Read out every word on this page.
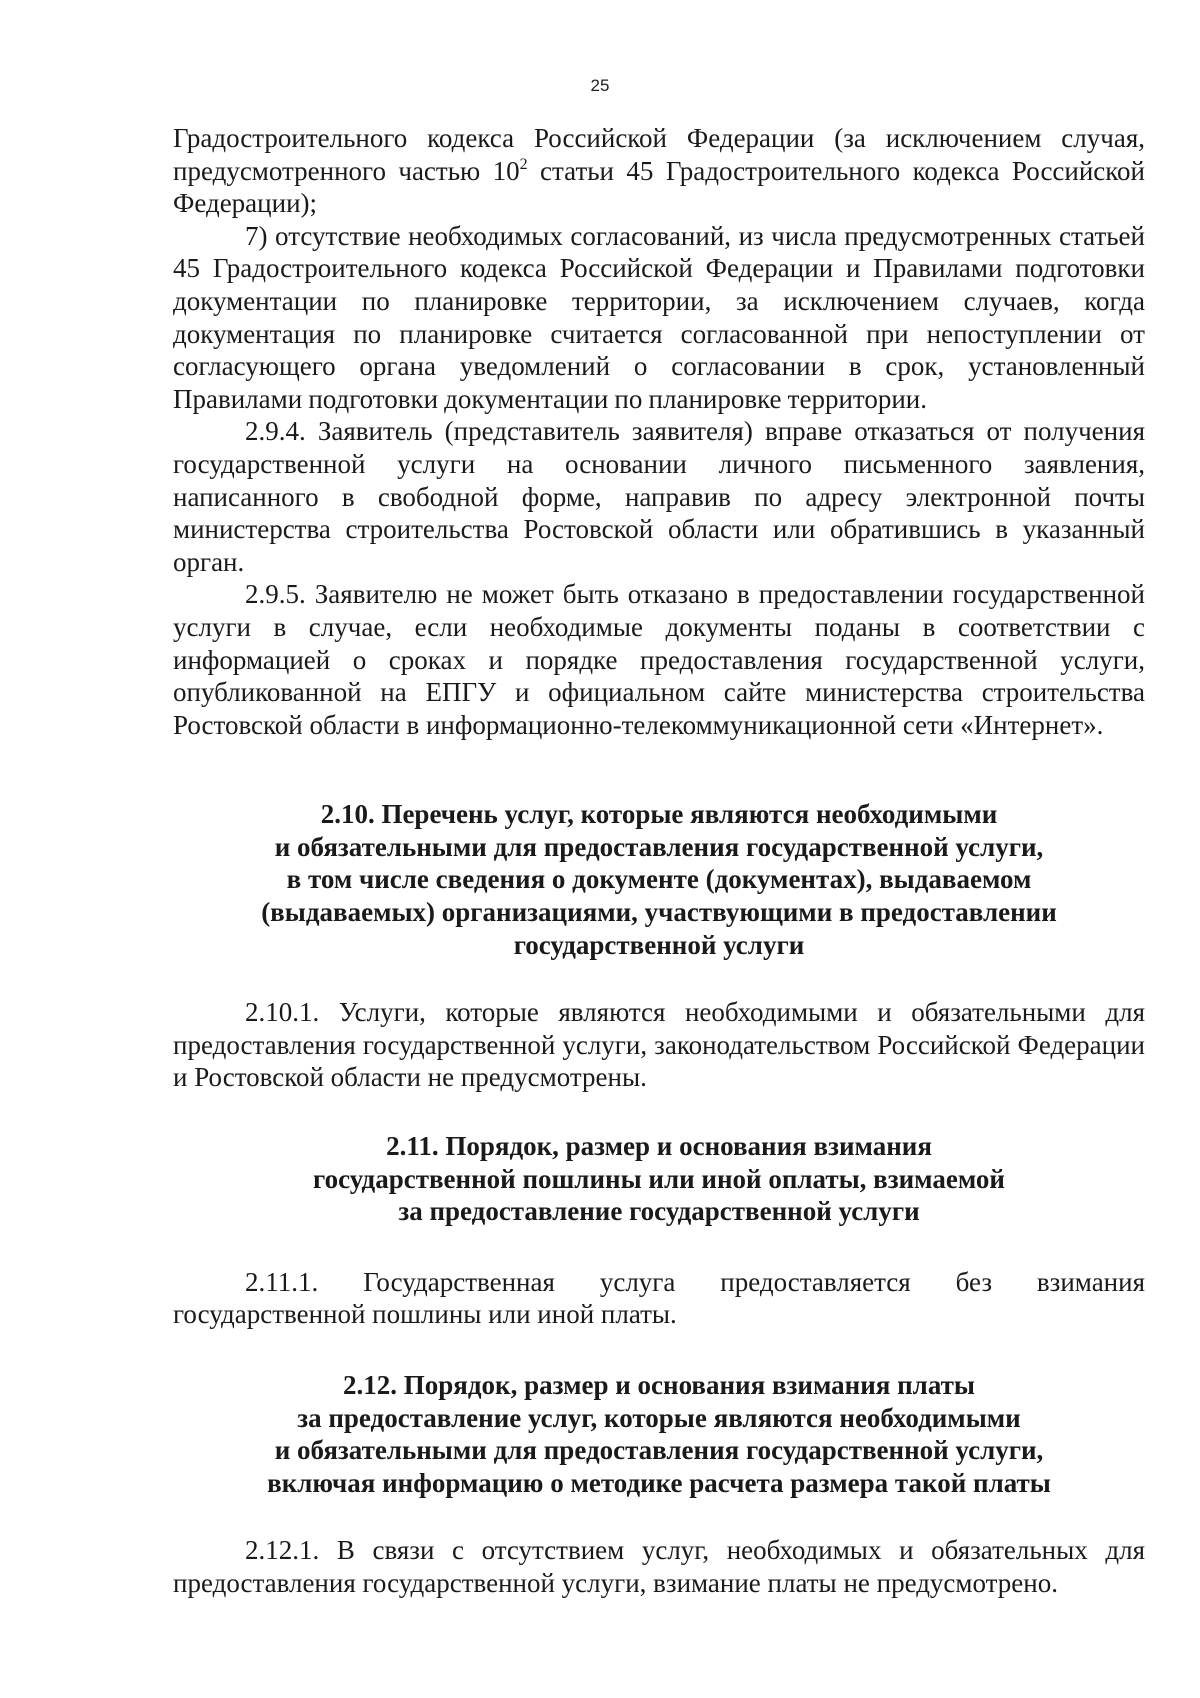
25

Градостроительного кодекса Российской Федерации (за исключением случая, предусмотренного частью $10^2$ статьи 45 Градостроительного кодекса Российской Федерации);

7) отсутствие необходимых согласований, из числа предусмотренных статьей 45 Градостроительного кодекса Российской Федерации и Правилами подготовки документации по планировке территории, за исключением случаев, когда документация по планировке считается согласованной при непоступлении от согласующего органа уведомлений о согласовании в срок, установленный Правилами подготовки документации по планировке территории.

2.9.4. Заявитель (представитель заявителя) вправе отказаться от получения государственной услуги на основании личного письменного заявления, написанного в свободной форме, направив по адресу электронной почты министерства строительства Ростовской области или обратившись в указанный орган.

2.9.5. Заявителю не может быть отказано в предоставлении государственной услуги в случае, если необходимые документы поданы в соответствии с информацией о сроках и порядке предоставления государственной услуги, опубликованной на ЕПГУ и официальном сайте министерства строительства Ростовской области в информационно-телекоммуникационной сети «Интернет».

2.10. Перечень услуг, которые являются необходимыми
и обязательными для предоставления государственной услуги,
в том числе сведения о документе (документах), выдаваемом
(выдаваемых) организациями, участвующими в предоставлении
государственной услуги

2.10.1. Услуги, которые являются необходимыми и обязательными для предоставления государственной услуги, законодательством Российской Федерации и Ростовской области не предусмотрены.

2.11. Порядок, размер и основания взимания
государственной пошлины или иной оплаты, взимаемой
за предоставление государственной услуги

2.11.1. Государственная услуга предоставляется без взимания государственной пошлины или иной платы.

2.12. Порядок, размер и основания взимания платы
за предоставление услуг, которые являются необходимыми
и обязательными для предоставления государственной услуги,
включая информацию о методике расчета размера такой платы

2.12.1. В связи с отсутствием услуг, необходимых и обязательных для предоставления государственной услуги, взимание платы не предусмотрено.
